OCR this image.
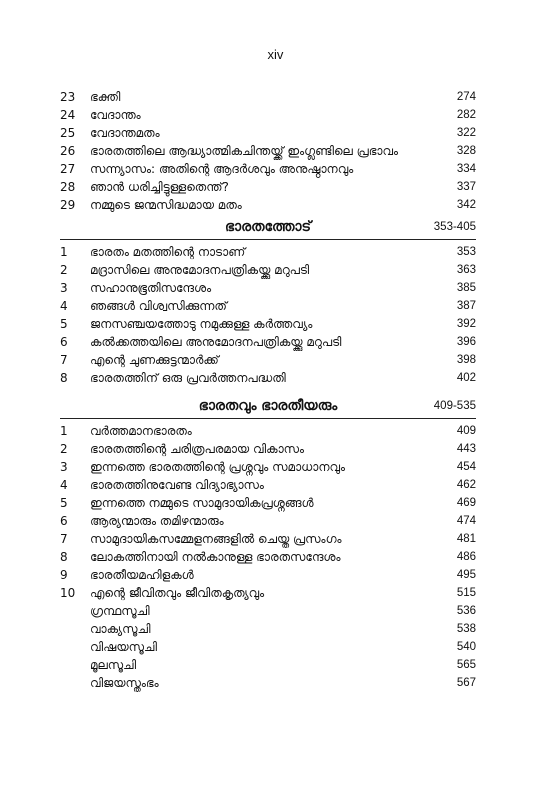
xiv
23 ഭക്തി	274
24 വേദാന്തം	282
25 വേദാന്തമതം	322
26 ഭാരതത്തിലെ ആദ്ധ്യാത്മികചിന്തയ്ക്ക് ഇംഗ്ലണ്ടിലെ പ്രഭാവം	328
27 സന്ന്യാസം: അതിന്റെ ആദർശവും അനുഷ്ഠാനവും	334
28 ഞാൻ ധരിച്ചിട്ടുള്ളതെന്ത്?	337
29 നമ്മുടെ ജന്മസിദ്ധമായ മതം	342
ഭാരതത്തോട്	353-405
1 ഭാരതം മതത്തിന്റെ നാടാണ്	353
2 മദ്രാസിലെ അനുമോദനപത്രികയ്ക്കു മറുപടി	363
3 സഹാനുഭൂതിസന്ദേശം	385
4 ഞങ്ങൾ വിശ്വസിക്കുന്നത്	387
5 ജനസഞ്ചയത്തോടു നമുക്കുള്ള കർത്തവ്യം	392
6 കൽക്കത്തയിലെ അനുമോദനപത്രികയ്ക്കു മറുപടി	396
7 എന്റെ ചുണക്കുട്ടന്മാർക്ക്	398
8 ഭാരതത്തിന് ഒരു പ്രവർത്തനപദ്ധതി	402
ഭാരതവും ഭാരതീയരും	409-535
1 വർത്തമാനഭാരതം	409
2 ഭാരതത്തിന്റെ ചരിത്രപരമായ വികാസം	443
3 ഇന്നത്തെ ഭാരതത്തിന്റെ പ്രശ്നവും സമാധാനവും	454
4 ഭാരതത്തിനുവേണ്ട വിദ്യാഭ്യാസം	462
5 ഇന്നത്തെ നമ്മുടെ സാമുദായികപ്രശ്നങ്ങൾ	469
6 ആര്യന്മാരും തമിഴന്മാരും	474
7 സാമുദായികസമ്മേളനങ്ങളിൽ ചെയ്ത പ്രസംഗം	481
8 ലോകത്തിനായി നൽകാനുള്ള ഭാരതസന്ദേശം	486
9 ഭാരതീയമഹിളകൾ	495
10 എന്റെ ജീവിതവും ജീവിതകൃത്യവും	515
ഗ്രന്ഥസൂചി	536
വാക്യസൂചി	538
വിഷയസൂചി	540
മൂലസൂചി	565
വിജയസ്തംഭം	567
